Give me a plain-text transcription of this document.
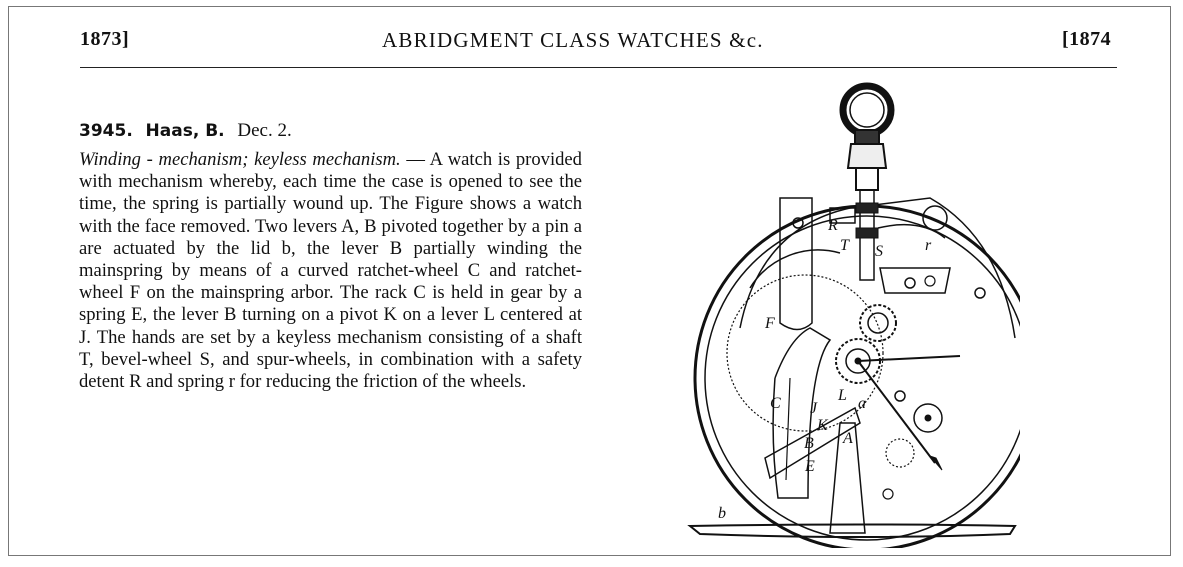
1873]	ABRIDGMENT CLASS WATCHES &c.	[1874
3945. Haas, B. Dec. 2.
Winding - mechanism; keyless mechanism. — A watch is provided with mechanism whereby, each time the case is opened to see the time, the spring is partially wound up. The Figure shows a watch with the face removed. Two levers A, B pivoted together by a pin a are actuated by the lid b, the lever B partially winding the mainspring by means of a curved ratchet-wheel C and ratchet-wheel F on the mainspring arbor. The rack C is held in gear by a spring E, the lever B turning on a pivot K on a lever L centered at J. The hands are set by a keyless mechanism consisting of a shaft T, bevel-wheel S, and spur-wheels, in combination with a safety detent R and spring r for reducing the friction of the wheels.
R
T	r
S
F
C J
L a
K
B A
E
b
